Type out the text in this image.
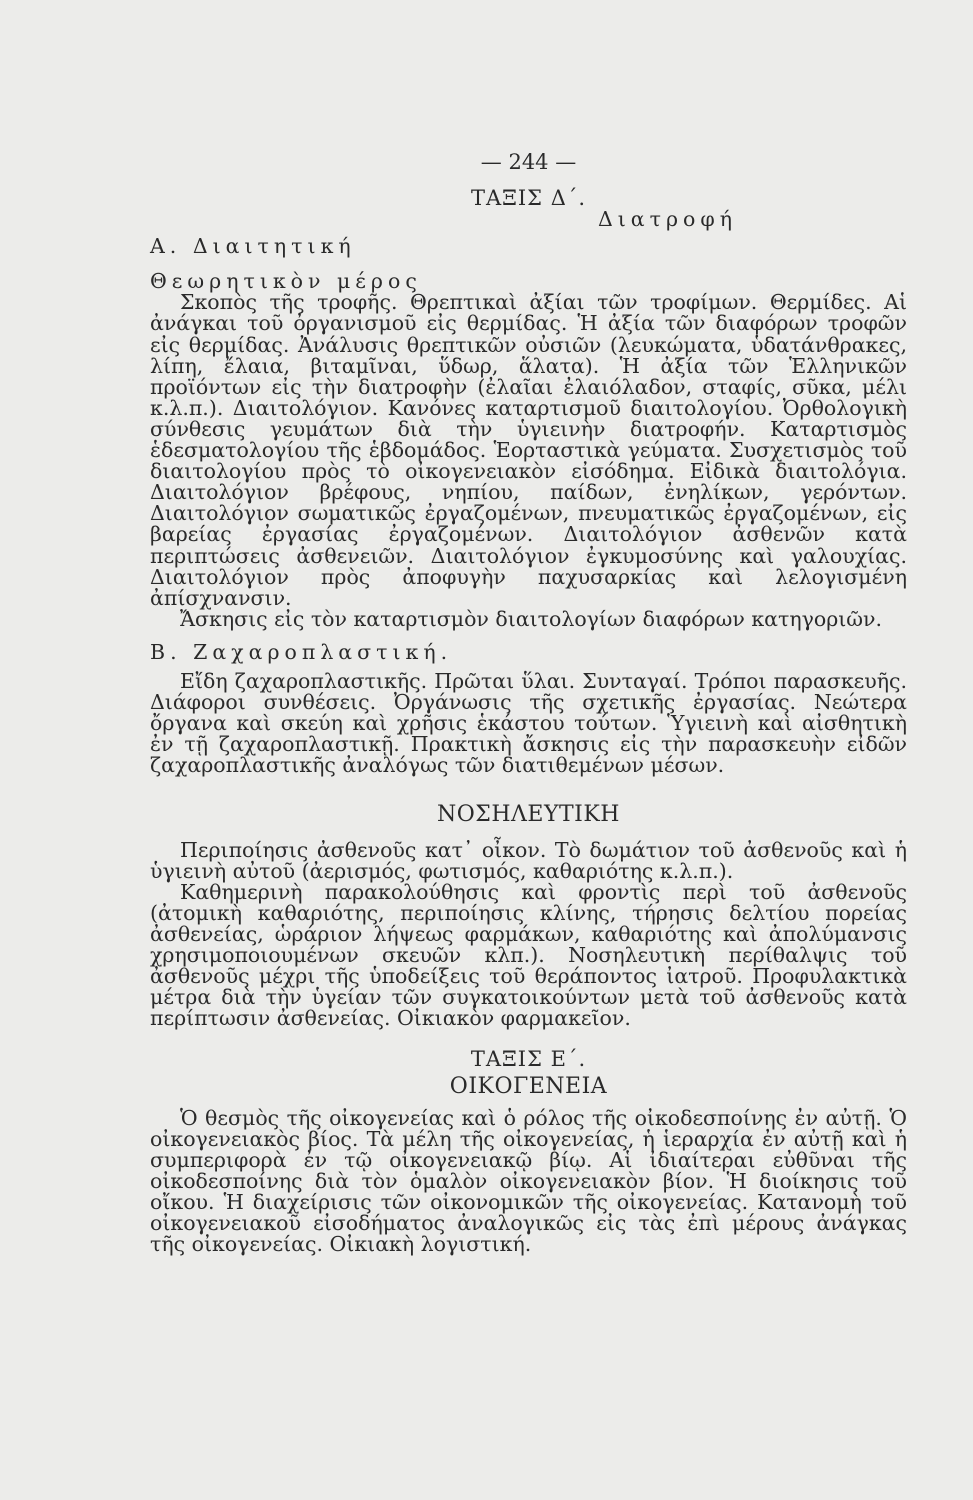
— 244 —

ΤΑΞΙΣ Δ΄.

Διατροφή

Α. Διαιτητική

Θεωρητικὸν μέρος

Σκοπὸς τῆς τροφῆς. Θρεπτικαὶ ἀξίαι τῶν τροφίμων. Θερμίδες. Αἱ ἀνάγκαι τοῦ ὀργανισμοῦ εἰς θερμίδας. Ἡ ἀξία τῶν διαφόρων τροφῶν εἰς θερμίδας. Ἀνάλυσις θρεπτικῶν οὐσιῶν (λευκώματα, ὑδατάνθρακες, λίπη, ἔλαια, βιταμῖναι, ὕδωρ, ἅλατα). Ἡ ἀξία τῶν Ἑλληνικῶν προϊόντων εἰς τὴν διατροφὴν (ἐλαῖαι ἐλαιόλαδον, σταφίς, σῦκα, μέλι κ.λ.π.). Διαιτολόγιον. Κανόνες καταρτισμοῦ διαιτολογίου. Ὀρθολογικὴ σύνθεσις γευμάτων διὰ τὴν ὑγιεινὴν διατροφήν. Καταρτισμὸς ἑδεσματολογίου τῆς ἑβδομάδος. Ἑορταστικὰ γεύματα. Συσχετισμὸς τοῦ διαιτολογίου πρὸς τὸ οἰκογενειακὸν εἰσόδημα. Εἰδικὰ διαιτολόγια. Διαιτολόγιον βρέφους, νηπίου, παίδων, ἐνηλίκων, γερόντων. Διαιτολόγιον σωματικῶς ἐργαζομένων, πνευματικῶς ἐργαζομένων, εἰς βαρείας ἐργασίας ἐργαζομένων. Διαιτολόγιον ἀσθενῶν κατὰ περιπτώσεις ἀσθενειῶν. Διαιτολόγιον ἐγκυμοσύνης καὶ γαλουχίας. Διαιτολόγιον πρὸς ἀποφυγὴν παχυσαρκίας καὶ λελογισμένη ἀπίσχνανσιν.

Ἄσκησις εἰς τὸν καταρτισμὸν διαιτολογίων διαφόρων κατηγοριῶν.

Β. Ζαχαροπλαστική.

Εἴδη ζαχαροπλαστικῆς. Πρῶται ὕλαι. Συνταγαί. Τρόποι παρασκευῆς. Διάφοροι συνθέσεις. Ὀργάνωσις τῆς σχετικῆς ἐργασίας. Νεώτερα ὄργανα καὶ σκεύη καὶ χρῆσις ἑκάστου τούτων. Ὑγιεινὴ καὶ αἰσθητικὴ ἐν τῇ ζαχαροπλαστικῇ. Πρακτικὴ ἄσκησις εἰς τὴν παρασκευὴν εἰδῶν ζαχαροπλαστικῆς ἀναλόγως τῶν διατιθεμένων μέσων.

ΝΟΣΗΛΕΥΤΙΚΗ

Περιποίησις ἀσθενοῦς κατ᾿ οἶκον. Τὸ δωμάτιον τοῦ ἀσθενοῦς καὶ ἡ ὑγιεινὴ αὐτοῦ (ἀερισμός, φωτισμός, καθαριότης κ.λ.π.).

Καθημερινὴ παρακολούθησις καὶ φροντὶς περὶ τοῦ ἀσθενοῦς (ἀτομικὴ καθαριότης, περιποίησις κλίνης, τήρησις δελτίου πορείας ἀσθενείας, ὡράριον λήψεως φαρμάκων, καθαριότης καὶ ἀπολύμανσις χρησιμοποιουμένων σκευῶν κλπ.). Νοσηλευτικὴ περίθαλψις τοῦ ἀσθενοῦς μέχρι τῆς ὑποδείξεις τοῦ θεράποντος ἰατροῦ. Προφυλακτικὰ μέτρα διὰ τὴν ὑγείαν τῶν συγκατοικούντων μετὰ τοῦ ἀσθενοῦς κατὰ περίπτωσιν ἀσθενείας. Οἰκιακὸν φαρμακεῖον.

ΤΑΞΙΣ Ε΄.

ΟΙΚΟΓΕΝΕΙΑ

Ὁ θεσμὸς τῆς οἰκογενείας καὶ ὁ ρόλος τῆς οἰκοδεσποίνης ἐν αὐτῇ. Ὁ οἰκογενειακὸς βίος. Τὰ μέλη τῆς οἰκογενείας, ἡ ἱεραρχία ἐν αὐτῇ καὶ ἡ συμπεριφορὰ ἐν τῷ οἰκογενειακῷ βίῳ. Αἱ ἰδιαίτεραι εὐθῦναι τῆς οἰκοδεσποίνης διὰ τὸν ὁμαλὸν οἰκογενειακὸν βίον. Ἡ διοίκησις τοῦ οἴκου. Ἡ διαχείρισις τῶν οἰκονομικῶν τῆς οἰκογενείας. Κατανομὴ τοῦ οἰκογενειακοῦ εἰσοδήματος ἀναλογικῶς εἰς τὰς ἐπὶ μέρους ἀνάγκας τῆς οἰκογενείας. Οἰκιακὴ λογιστική.
